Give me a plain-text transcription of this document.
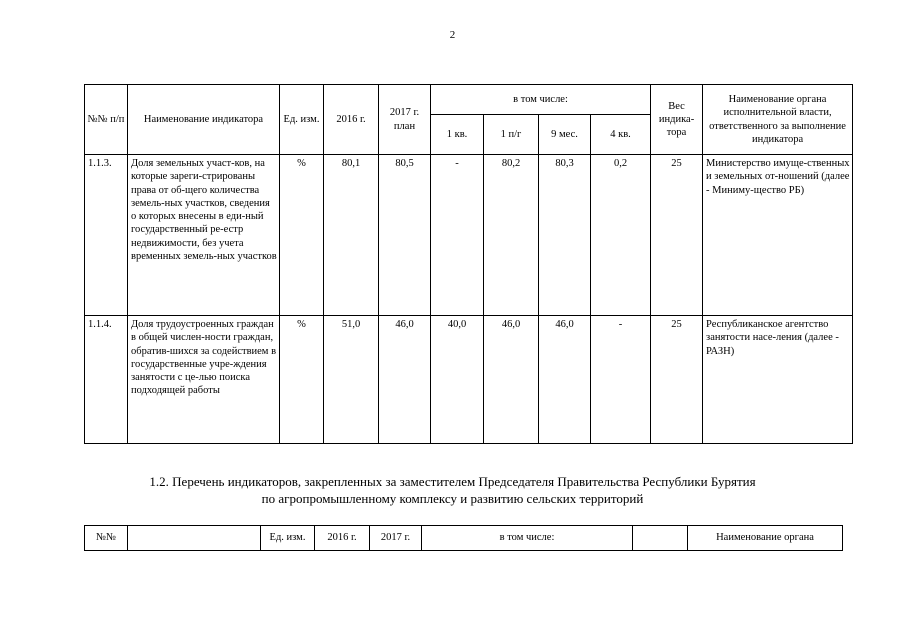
2
№№ п/п	Наименование индикатора	Ед. изм.	2016 г.	2017 г. план	в том числе:				Вес индика-тора	Наименование органа исполнительной власти, ответственного за выполнение индикатора
					1 кв.	1 п/г	9 мес.	4 кв.		
1.1.3.	Доля земельных участ-ков, на которые зареги-стрированы права от об-щего количества земель-ных участков, сведения о которых внесены в еди-ный государственный ре-естр недвижимости, без учета временных земель-ных участков	%	80,1	80,5	-	80,2	80,3	0,2	25	Министерство имуще-ственных и земельных от-ношений (далее - Миниму-щество РБ)
1.1.4.	Доля трудоустроенных граждан в общей числен-ности граждан, обратив-шихся за содействием в государственные учре-ждения занятости с це-лью поиска подходящей работы	%	51,0	46,0	40,0	46,0	46,0	-	25	Республиканское агентство занятости насе-ления (далее - РАЗН)
1.2. Перечень индикаторов, закрепленных за заместителем Председателя Правительства Республики Бурятия
по агропромышленному комплексу и развитию сельских территорий
№№		Ед. изм.	2016 г.	2017 г.	в том числе:		Наименование органа
